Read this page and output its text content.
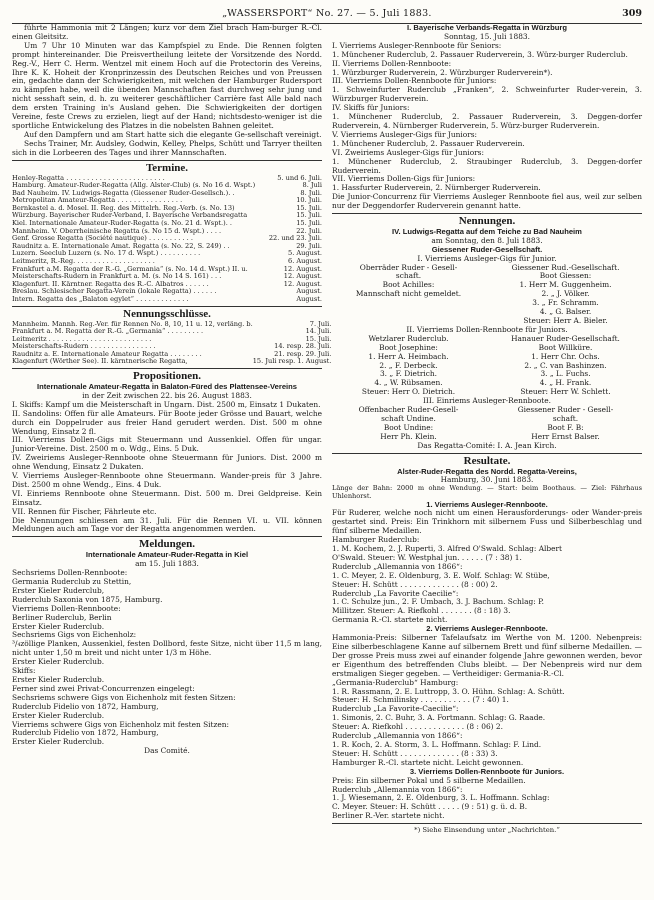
„WASSERSPORT“ No. 27. — 5. Juli 1883.	309
führte Hammonia mit 2 Längen; kurz vor dem Ziel brach Ham-burger R.-Cl. einen Gleitsitz.
Um 7 Uhr 10 Minuten war das Kampfspiel zu Ende. Die Rennen folgten prompt hintereinander. Die Preisvertheilung leitete der Vorsitzende des Nordd. Reg.-V., Herr C. Herm. Wentzel mit einem Hoch auf die Protectorin des Vereins, Ihre K. K. Hoheit der Kronprinzessin des Deutschen Reiches und von Preussen ein, gedachte dann der Schwierigkeiten, mit welchen der Hamburger Rudersport zu kämpfen habe, weil die übenden Mannschaften fast durchweg sehr jung und nicht sesshaft sein, d. h. zu weiterer geschäftlicher Carrière fast Alle bald nach dem ersten Training in's Ausland gehen. Die Schwierigkeiten der dortigen Vereine, feste Crews zu erzielen, liegt auf der Hand; nichtsdesto-weniger ist die sportliche Entwickelung des Platzes in die nobelsten Bahnen geleitet.
Auf den Dampfern und am Start hatte sich die elegante Ge-sellschaft vereinigt.
Sechs Trainer, Mr. Audsley, Godwin, Kelley, Phelps, Schütt und Tarryer theilten sich in die Lorbeeren des Tages und ihrer Mannschaften.
Termine.
Henley-Regatta . . . . . . . . . . . . . . . . . . . . . . . .	5. und 6. Juli.
Hamburg. Amateur-Ruder-Regatta (Allg. Alster-Club) (s. No 16 d. Wspt.)	8. Juli
Bad Nauheim. IV. Ludwigs-Regatta (Giessener Ruder-Gesellsch.). .	8. Juli.
Metropolitan Amateur-Regatta . . . . . . . . . . . . . . . .	10. Juli.
Bernkastel a. d. Mosel. II. Reg. des Mittelrh. Reg.-Verb. (s. No. 13)	15. Juli.
Würzburg. Bayerischer Ruder-Verband, I. Bayerische Verbandsregatta	15. Juli.
Kiel. Internationale Amateur-Ruder-Regatta (s. No. 21 d. Wspt.). .	15. Juli.
Mannheim. V. Oberrheinische Regatta (s. No 15 d. Wspt.) . . . .	22. Juli.
Genf. Grosse Regatta (Société nautique) . . . . . . . . . . .	22. und 23. Juli.
Raudnitz a. E. Internationale Amat. Regatta (s. No. 22, S. 249) . .	29. Juli.
Luzern. Seeclub Luzern (s. No. 17 d. Wspt.) . . . . . . . . . .	5. August.
Leitmeritz, R.-Reg. . . . . . . . . . . . . . . . . . . .	6. August.
Frankfurt a.M. Regatta der R.-G. „Germania“ (s. No. 14 d. Wspt.) II. u.	12. August.
Meisterschafts-Rudern in Frankfurt a. M. (s. No 14 S. 161) . . .	12. August.
Klagenfurt. II. Kärntner. Regatta des R.-C. Albatros . . . . . .	12. August.
Breslau. Schlesischer Regatta-Verein (lokale Regatta) . . . . . .	August.
Intern. Regatta des „Balaton egylet“ . . . . . . . . . . . . .	August.
Nennungsschlüsse.
Mannheim. Mannh. Reg.-Ver. für Rennen No. 8, 10, 11 u. 12, verläng. b.	7. Juli.
Frankfurt a. M. Regatta der R.-G. „Germania“ . . . . . . . . .	14. Juli.
Leitmeritz . . . . . . . . . . . . . . . . . . . . . . . . .	15. Juli.
Meisterschafts-Rudern . . . . . . . . . . . . . . . .	14. resp. 28. Juli.
Raudnitz a. E. Internationale Amateur Regatta . . . . . . . .	21. resp. 29. Juli.
Klagenfurt (Wörther See). II. kärntnerische Regatta,	15. Juli resp. 1. August.
Propositionen.
Internationale Amateur-Regatta in Balaton-Füred des Plattensee-Vereins
in der Zeit zwischen 22. bis 26. August 1883.
I. Skiffs: Kampf um die Meisterschaft in Ungarn. Dist. 2500 m, Einsatz 1 Dukaten.
II. Sandolins: Offen für alle Amateurs. Für Boote jeder Grösse und Bauart, welche durch ein Doppelruder aus freier Hand gerudert werden. Dist. 500 m ohne Wendung, Einsatz 2 fl.
III. Vierriems Dollen-Gigs mit Steuermann und Aussenkiel. Offen für ungar. Junior-Vereine. Dist. 2500 m o. Wdg., Eins. 5 Duk.
IV. Zweiriems Ausleger-Rennboote ohne Steuermann für Juniors. Dist. 2000 m ohne Wendung, Einsatz 2 Dukaten.
V. Vierriems Ausleger-Rennboote ohne Steuermann. Wander-preis für 3 Jahre. Dist. 2500 m ohne Wendg., Eins. 4 Duk.
VI. Einriems Rennboote ohne Steuermann. Dist. 500 m. Drei Geldpreise. Kein Einsatz.
VII. Rennen für Fischer, Fährleute etc.
Die Nennungen schliessen am 31. Juli. Für die Rennen VI. u. VII. können Meldungen auch am Tage vor der Regatta angenommen werden.
Meldungen.
Internationale Amateur-Ruder-Regatta in Kiel
am 15. Juli 1883.
Sechsriems Dollen-Rennboote:
Germania Ruderclub zu Stettin,
Erster Kieler Ruderclub,
Ruderclub Saxonia von 1875, Hamburg.
Vierriems Dollen-Rennboote:
Berliner Ruderclub, Berlin
Erster Kieler Ruderclub.
Sechsriems Gigs von Eichenholz:
³/₄zöllige Planken, Aussenkiel, festen Dollbord, feste Sitze, nicht über 11,5 m lang, nicht unter 1,50 m breit und nicht unter 1/3 m Höhe.
Erster Kieler Ruderclub.
Skiffs:
Erster Kieler Ruderclub.
Ferner sind zwei Privat-Concurrenzen eingelegt:
Sechsriems schwere Gigs von Eichenholz mit festen Sitzen:
Ruderclub Fidelio von 1872, Hamburg,
Erster Kieler Ruderclub.
Vierriems schwere Gigs von Eichenholz mit festen Sitzen:
Ruderclub Fidelio von 1872, Hamburg,
Erster Kieler Ruderclub.
Das Comité.
I. Bayerische Verbands-Regatta in Würzburg
Sonntag, 15. Juli 1883.
I. Vierriems Ausleger-Rennboote für Seniors:
1. Münchener Ruderclub, 2. Passauer Ruderverein, 3. Würz-burger Ruderclub.
II. Vierriems Dollen-Rennboote:
1. Würzburger Ruderverein, 2. Würzburger Ruderverein*).
III. Vierriems Dollen-Rennboote für Juniors:
1. Schweinfurter Ruderclub „Franken“, 2. Schweinfurter Ruder-verein, 3. Würzburger Ruderverein.
IV. Skiffs für Juniors:
1. Münchener Ruderclub, 2. Passauer Ruderverein, 3. Deggen-dorfer Ruderverein, 4. Nürnberger Ruderverein, 5. Würz-burger Ruderverein.
V. Vierriems Ausleger-Gigs für Juniors:
1. Münchener Ruderclub, 2. Passauer Ruderverein.
VI. Zweiriems Ausleger-Gigs für Juniors:
1. Münchener Ruderclub, 2. Straubinger Ruderclub, 3. Deggen-dorfer Ruderverein.
VII. Vierriems Dollen-Gigs für Juniors:
1. Hassfurter Ruderverein, 2. Nürnberger Ruderverein.
Die Junior-Concurrenz für Vierriems Ausleger Rennboote fiel aus, weil zur selben nur der Deggendorfer Ruderverein genannt hatte.
Nennungen.
IV. Ludwigs-Regatta auf dem Teiche zu Bad Nauheim
am Sonntag, den 8. Juli 1883.
Giessener Ruder-Gesellschaft.
I. Vierriems Ausleger-Gigs für Junior.
Oberräder Ruder - Gesell-
schaft.
Boot Achilles:
Mannschaft nicht gemeldet.
Giessener Rud.-Gesellschaft.
Boot Giessen:
1. Herr M. Guggenheim.
2. „ J. Völker.
3. „ Fr. Schramm.
4. „ G. Balser.
Steuer: Herr A. Bieler.
II. Vierriems Dollen-Rennboote für Juniors.
Wetzlarer Ruderclub.
Boot Josephine:
1. Herr A. Heimbach.
2. „ F. Derbeck.
3. „ F. Dietrich.
4. „ W. Rübsamen.
Steuer: Herr O. Dietrich.
Hanauer Ruder-Gesellschaft.
Boot Willküre.
1. Herr Chr. Ochs.
2. „ C. van Bashinzen.
3. „ L. Fuchs.
4. „ H. Frank.
Steuer: Herr W. Schlett.
III. Einriems Ausleger-Rennboote.
Offenbacher Ruder-Gesell-
schaft Undine.
Boot Undine:
Herr Ph. Klein.
Giessener Ruder - Gesell-
schaft.
Boot F. B:
Herr Ernst Balser.
Das Regatta-Comité: I. A. Jean Kirch.
Resultate.
Alster-Ruder-Regatta des Nordd. Regatta-Vereins,
Hamburg, 30. Juni 1883.
Länge der Bahn: 2000 m ohne Wendung. — Start: beim Boothaus. — Ziel: Fährhaus Uhlenhorst.
1. Vierriems Ausleger-Rennboote.
Für Ruderer, welche noch nicht um einen Herausforderungs- oder Wander-preis gestartet sind. Preis: Ein Trinkhorn mit silbernem Fuss und Silberbeschlag und fünf silberne Medaillen.
Hamburger Ruderclub:
1. M. Kochem, 2. J. Ruperti, 3. Alfred O'Swald. Schlag: Albert
O'Swald. Steuer: W. Westphal jun. . . . . . (7 : 38) 1.
Ruderclub „Allemannia von 1866“:
1. C. Meyer, 2. E. Oldenburg, 3. E. Wolf. Schlag: W. Stübe,
Steuer: H. Schütt . . . . . . . . . . . . . (8 : 00) 2.
Ruderclub „La Favorite Caecilie“:
1. C. Schulze jun., 2. F. Umbach, 3. J. Bachum. Schlag: P.
Millitzer. Steuer: A. Riefkohl . . . . . . . (8 : 18) 3.
Germania R.-Cl. startete nicht.
2. Vierriems Ausleger-Rennboote.
Hammonia-Preis: Silberner Tafelaufsatz im Werthe von M. 1200. Nebenpreis: Eine silberbeschlagene Kanne auf silbernem Brett und fünf silberne Medaillen. — Der grosse Preis muss zwei auf einander folgende Jahre gewonnen werden, bevor er Eigenthum des betreffenden Clubs bleibt. — Der Nebenpreis wird nur dem erstmaligen Sieger gegeben. — Vertheidiger: Germania-R.-Cl.
„Germania-Ruderclub“ Hamburg:
1. R. Rassmann, 2. E. Luttropp, 3. O. Hühn. Schlag: A. Schütt.
Steuer: H. Schmilinsky . . . . . . . . . . . (7 : 40) 1.
Ruderclub „La Favorite-Caecilie“:
1. Simonis, 2. C. Buhr, 3. A. Fortmann. Schlag: G. Raade.
Steuer: A. Riefkohl . . . . . . . . . . . . . (8 : 06) 2.
Ruderclub „Allemannia von 1866“:
1. R. Koch, 2. A. Storm, 3. L. Hoffmann. Schlag: F. Lind.
Steuer: H. Schütt . . . . . . . . . . . . . (8 : 33) 3.
Hamburger R.-Cl. startete nicht. Leicht gewonnen.
3. Vierriems Dollen-Rennboote für Juniors.
Preis: Ein silberner Pokal und 5 silberne Medaillen.
Ruderclub „Allemannia von 1866“:
1. J. Wiesemann, 2. E. Oldenburg, 3. L. Hoffmann. Schlag:
C. Meyer. Steuer: H. Schütt . . . . . (9 : 51) g. ü. d. B.
Berliner R.-Ver. startete nicht.
*) Siehe Einsendung unter „Nachrichten.“
